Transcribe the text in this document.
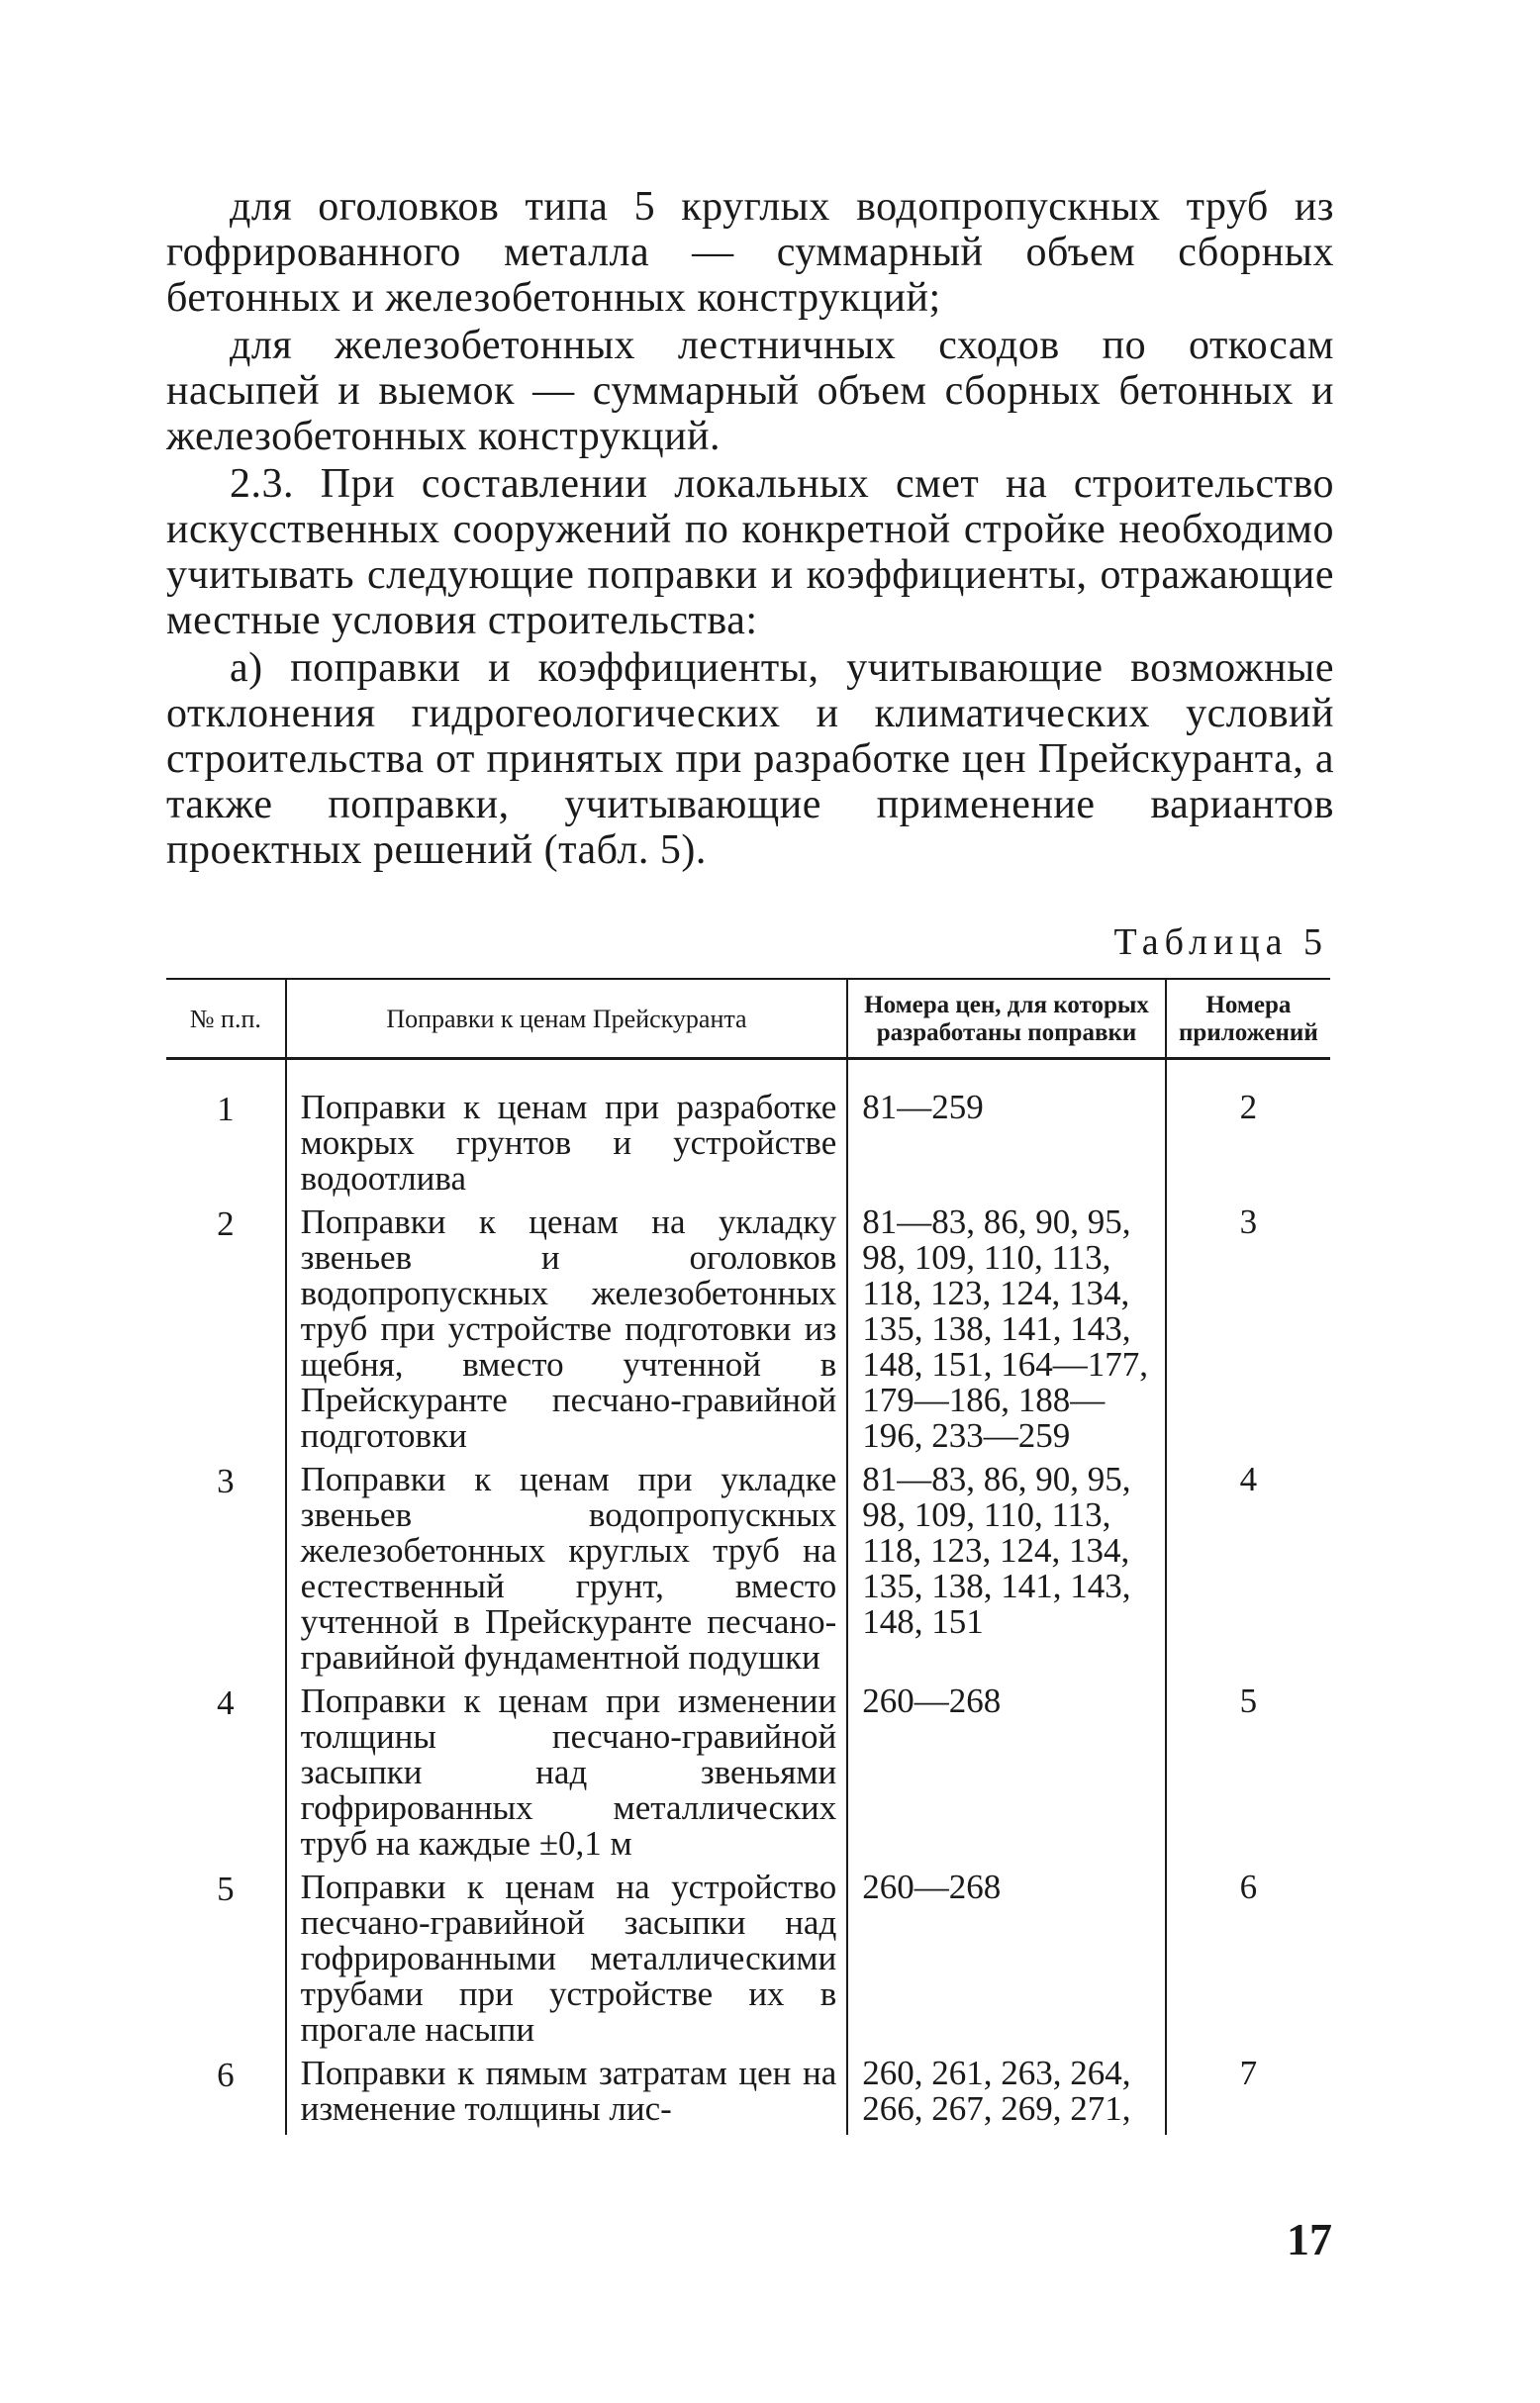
для оголовков типа 5 круглых водопропускных труб из гофрированного металла — суммарный объем сборных бетонных и железобетонных конструкций;

для железобетонных лестничных сходов по откосам насыпей и выемок — суммарный объем сборных бетонных и железобетонных конструкций.

2.3. При составлении локальных смет на строительство искусственных сооружений по конкретной стройке необходимо учитывать следующие поправки и коэффициенты, отражающие местные условия строительства:

а) поправки и коэффициенты, учитывающие возможные отклонения гидрогеологических и климатических условий строительства от принятых при разработке цен Прейскуранта, а также поправки, учитывающие применение вариантов проектных решений (табл. 5).

Таблица 5
№ п.п.	Поправки к ценам Прейскуранта	Номера цен, для которых разработаны поправки	Номера приложений

1	Поправки к ценам при разработке мокрых грунтов и устройстве водоотлива	81—259	2
2	Поправки к ценам на укладку звеньев и оголовков водопропускных железобетонных труб при устройстве подготовки из щебня, вместо учтенной в Прейскуранте песчано-гравийной подготовки	81—83, 86, 90, 95, 98, 109, 110, 113, 118, 123, 124, 134, 135, 138, 141, 143, 148, 151, 164—177, 179—186, 188—196, 233—259	3
3	Поправки к ценам при укладке звеньев водопропускных железобетонных круглых труб на естественный грунт, вместо учтенной в Прейскуранте песчано-гравийной фундаментной подушки	81—83, 86, 90, 95, 98, 109, 110, 113, 118, 123, 124, 134, 135, 138, 141, 143, 148, 151	4
4	Поправки к ценам при изменении толщины песчано-гравийной засыпки над звеньями гофрированных металлических труб на каждые ±0,1 м	260—268	5
5	Поправки к ценам на устройство песчано-гравийной засыпки над гофрированными металлическими трубами при устройстве их в прогале насыпи	260—268	6
6	Поправки к пямым затратам цен на изменение толщины лис-	260, 261, 263, 264, 266, 267, 269, 271,	7
17
